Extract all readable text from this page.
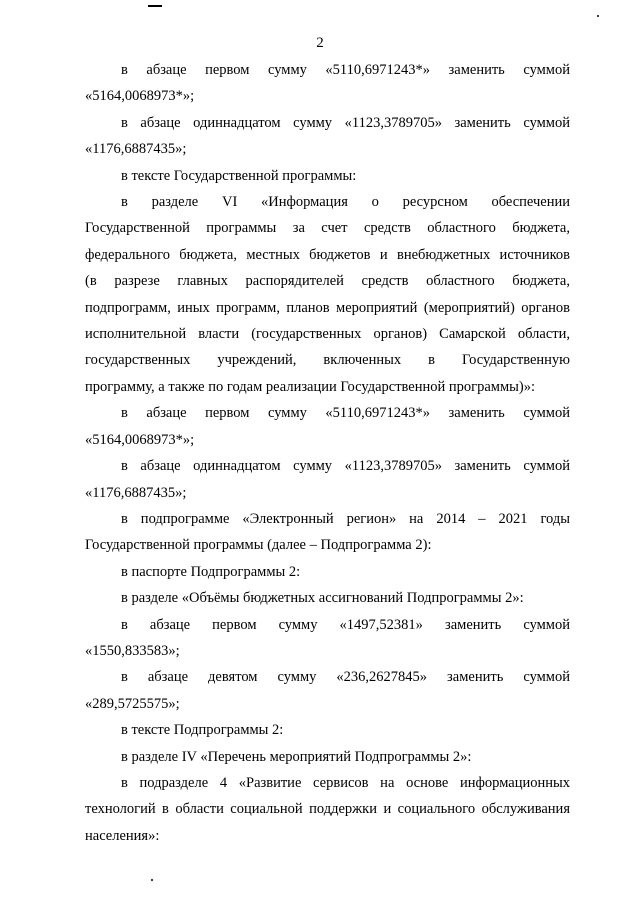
2
в абзаце первом сумму «5110,6971243*» заменить суммой
«5164,0068973*»;
в абзаце одиннадцатом сумму «1123,3789705» заменить суммой
«1176,6887435»;
в тексте Государственной программы:
в разделе VI «Информация о ресурсном обеспечении
Государственной программы за счет средств областного бюджета,
федерального бюджета, местных бюджетов и внебюджетных источников
(в разрезе главных распорядителей средств областного бюджета,
подпрограмм, иных программ, планов мероприятий (мероприятий) органов
исполнительной власти (государственных органов) Самарской области,
государственных учреждений, включенных в Государственную
программу, а также по годам реализации Государственной программы)»:
в абзаце первом сумму «5110,6971243*» заменить суммой
«5164,0068973*»;
в абзаце одиннадцатом сумму «1123,3789705» заменить суммой
«1176,6887435»;
в подпрограмме «Электронный регион» на 2014 – 2021 годы
Государственной программы (далее – Подпрограмма 2):
в паспорте Подпрограммы 2:
в разделе «Объёмы бюджетных ассигнований Подпрограммы 2»:
в абзаце первом сумму «1497,52381» заменить суммой
«1550,833583»;
в абзаце девятом сумму «236,2627845» заменить суммой
«289,5725575»;
в тексте Подпрограммы 2:
в разделе IV «Перечень мероприятий Подпрограммы 2»:
в подразделе 4 «Развитие сервисов на основе информационных
технологий в области социальной поддержки и социального обслуживания
населения»:
